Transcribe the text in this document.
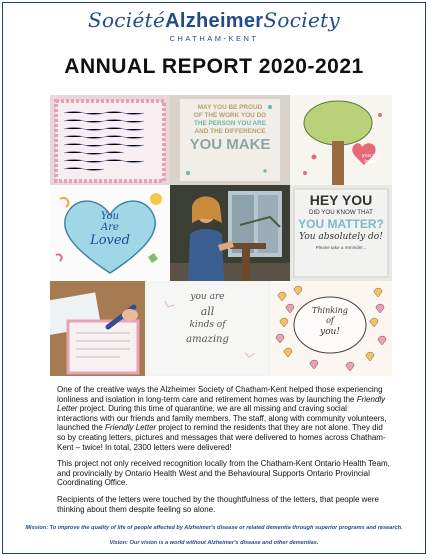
SociétéAlzheimerSociety
CHATHAM-KENT
ANNUAL REPORT 2020-2021
MAY YOU BE PROUD
OF THE WORK YOU DO
THE PERSON YOU ARE
AND THE DIFFERENCE
YOU MAKE
you are
loved
You
Are
Loved
HEY YOU
DID YOU KNOW THAT
YOU MATTER?
You absolutely do!
Please take a reminder...
you are
all
kinds of
amazing
Thinking
of
you!

One of the creative ways the Alzheimer Society of Chatham-Kent helped those experiencing lonliness and isolation in long-term care and retirement homes was by launching the Friendly Letter project. During this time of quarantine, we are all missing and craving social interactions with our friends and family members. The staff, along with community volunteers, launched the Friendly Letter project to remind the residents that they are not alone. They did so by creating letters, pictures and messages that were delivered to homes across Chatham-Kent – twice! In total, 2300 letters were delivered!

This project not only received recognition locally from the Chatham-Kent Ontario Health Team, and provincially by Ontario Health West and the Behavioural Supports Ontario Provincial Coordinating Office.

Recipients of the letters were touched by the thoughtfulness of the letters, that people were thinking about them despite feeling so alone.

Mission: To improve the quality of life of people affected by Alzheimer's disease or related dementia through superior programs and research.
Vision: Our vision is a world without Alzheimer's disease and other dementias.
